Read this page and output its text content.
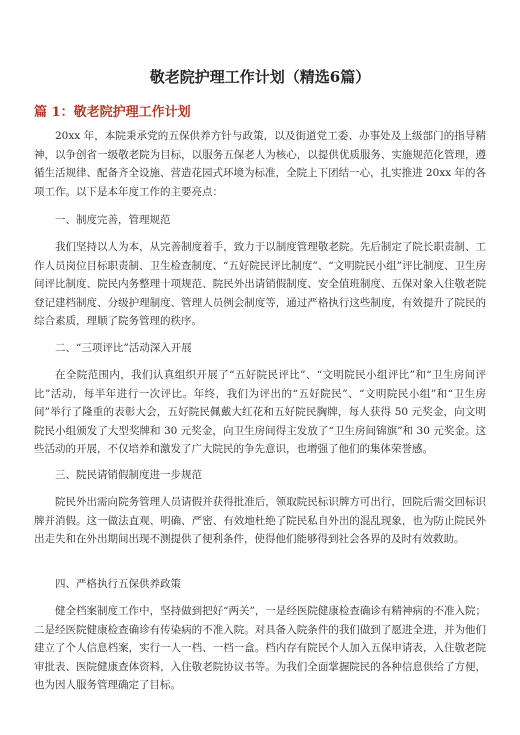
敬老院护理工作计划（精选6篇）
篇 1：敬老院护理工作计划

20xx 年，本院秉承党的五保供养方针与政策，以及街道党工委、办事处及上级部门的指导精神，以争创省一级敬老院为目标，以服务五保老人为核心，以提供优质服务、实施规范化管理，遵循生活规律、配备齐全设施、营造花园式环境为标准，全院上下团结一心，扎实推进 20xx 年的各项工作。以下是本年度工作的主要亮点：

一、制度完善，管理规范

我们坚持以人为本，从完善制度着手，致力于以制度管理敬老院。先后制定了院长职责制、工作人员岗位目标职责制、卫生检查制度、“五好院民评比制度”、“文明院民小组”评比制度、卫生房间评比制度、院民内务整理十项规范、院民外出请销假制度、安全值班制度、五保对象入住敬老院登记建档制度、分级护理制度、管理人员例会制度等，通过严格执行这些制度，有效提升了院民的综合素质，理顺了院务管理的秩序。

二、“三项评比”活动深入开展

在全院范围内，我们认真组织开展了“五好院民评比”、“文明院民小组评比”和“卫生房间评比”活动，每半年进行一次评比。年终，我们为评出的“五好院民”、“文明院民小组”和“卫生房间”举行了隆重的表彰大会，五好院民佩戴大红花和五好院民胸牌，每人获得 50 元奖金，向文明院民小组颁发了大型奖牌和 30 元奖金，向卫生房间得主发放了“卫生房间锦旗”和 30 元奖金。这些活动的开展，不仅培养和激发了广大院民的争先意识，也增强了他们的集体荣誉感。

三、院民请销假制度进一步规范

院民外出需向院务管理人员请假并获得批准后，领取院民标识牌方可出行，回院后需交回标识牌并消假。这一做法直观、明确、严密、有效地杜绝了院民私自外出的混乱现象，也为防止院民外出走失和在外出期间出现不测提供了便利条件，使得他们能够得到社会各界的及时有效救助。

四、严格执行五保供养政策

健全档案制度工作中，坚持做到把好“两关”，一是经医院健康检查确诊有精神病的不准入院；二是经医院健康检查确诊有传染病的不准入院。对具备入院条件的我们做到了愿进全进，并为他们建立了个人信息档案，实行一人一档、一档一盒。档内存有院民个人加入五保申请表，入住敬老院审批表、医院健康查体资料，入住敬老院协议书等。为我们全面掌握院民的各种信息供给了方便，也为因人服务管理确定了目标。
